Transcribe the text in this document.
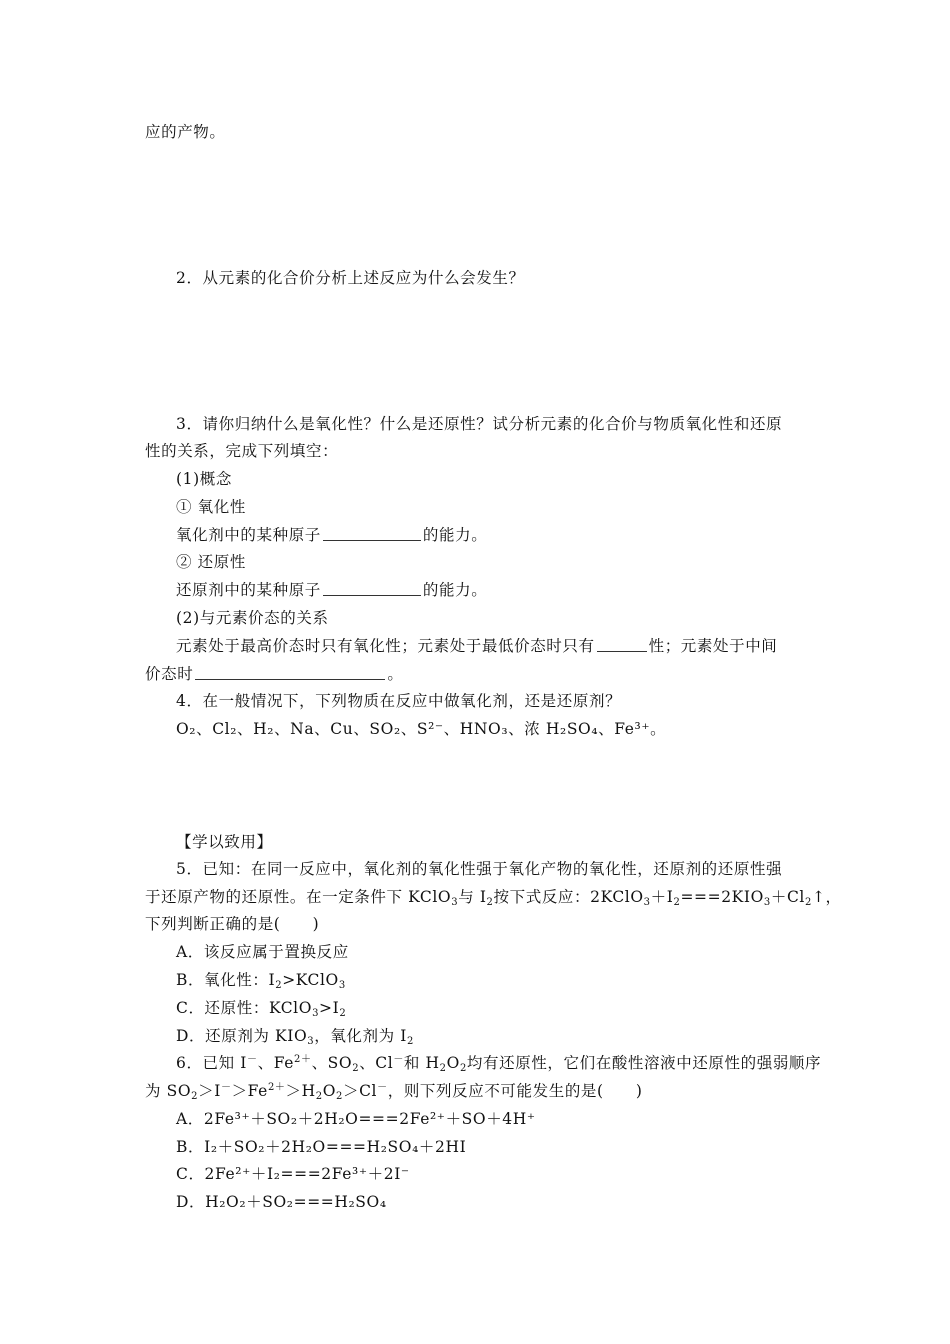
应的产物。
2．从元素的化合价分析上述反应为什么会发生？
3．请你归纳什么是氧化性？什么是还原性？试分析元素的化合价与物质氧化性和还原
性的关系，完成下列填空：
(1)概念
① 氧化性
氧化剂中的某种原子	的能力。
② 还原性
还原剂中的某种原子	的能力。
(2)与元素价态的关系
元素处于最高价态时只有氧化性；元素处于最低价态时只有	性；元素处于中间
价态时	。
4．在一般情况下，下列物质在反应中做氧化剂，还是还原剂？
O₂、Cl₂、H₂、Na、Cu、SO₂、S²⁻、HNO₃、浓 H₂SO₄、Fe³⁺。
【学以致用】
5．已知：在同一反应中，氧化剂的氧化性强于氧化产物的氧化性，还原剂的还原性强
于还原产物的还原性。在一定条件下 KClO$_3$与 $I_2$按下式反应：$2KClO_3+I_2===2KIO_3+Cl_2↑$，
下列判断正确的是(　　)
A．该反应属于置换反应
B．氧化性：$I_2>KClO_3$
C．还原性：$KClO_3>I_2$
D．还原剂为 $KIO_3$，氧化剂为 $I_2$
6．已知 I－、$Fe^{2+}$、$SO_2$、Cl－和 $H_2O_2$均有还原性，它们在酸性溶液中还原性的强弱顺序
为 $SO_2>I^->Fe^{2+}>H_2O_2>Cl^-$，则下列反应不可能发生的是(　　)
A．2Fe³⁺＋SO₂＋2H₂O===2Fe²⁺＋SO＋4H⁺
B．I₂＋SO₂＋2H₂O===H₂SO₄＋2HI
C．2Fe²⁺＋I₂===2Fe³⁺＋2I⁻
D．H₂O₂＋SO₂===H₂SO₄
